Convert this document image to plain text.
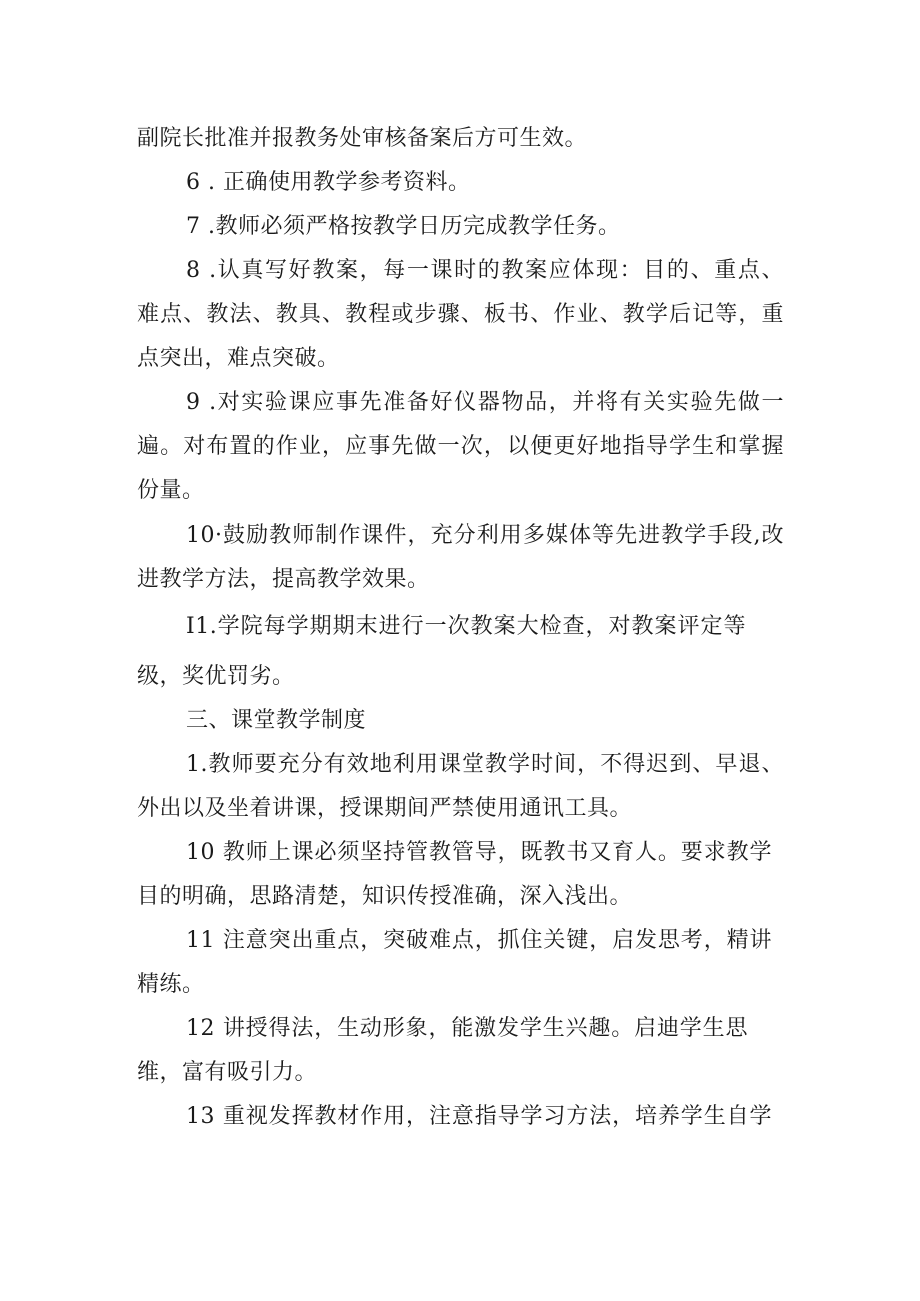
副院长批准并报教务处审核备案后方可生效。
6 . 正确使用教学参考资料。
7 .教师必须严格按教学日历完成教学任务。
8 .认真写好教案，每一课时的教案应体现：目的、重点、
难点、教法、教具、教程或步骤、板书、作业、教学后记等，重
点突出，难点突破。
9 .对实验课应事先准备好仪器物品，并将有关实验先做一
遍。对布置的作业，应事先做一次，以便更好地指导学生和掌握
份量。
10·鼓励教师制作课件，充分利用多媒体等先进教学手段,改
进教学方法，提高教学效果。
I1.学院每学期期末进行一次教案大检查，对教案评定等
级，奖优罚劣。
三、课堂教学制度
1.教师要充分有效地利用课堂教学时间，不得迟到、早退、
外出以及坐着讲课，授课期间严禁使用通讯工具。
10 教师上课必须坚持管教管导，既教书又育人。要求教学
目的明确，思路清楚，知识传授准确，深入浅出。
11 注意突出重点，突破难点，抓住关键，启发思考，精讲
精练。
12 讲授得法，生动形象，能激发学生兴趣。启迪学生思
维，富有吸引力。
13 重视发挥教材作用，注意指导学习方法，培养学生自学
